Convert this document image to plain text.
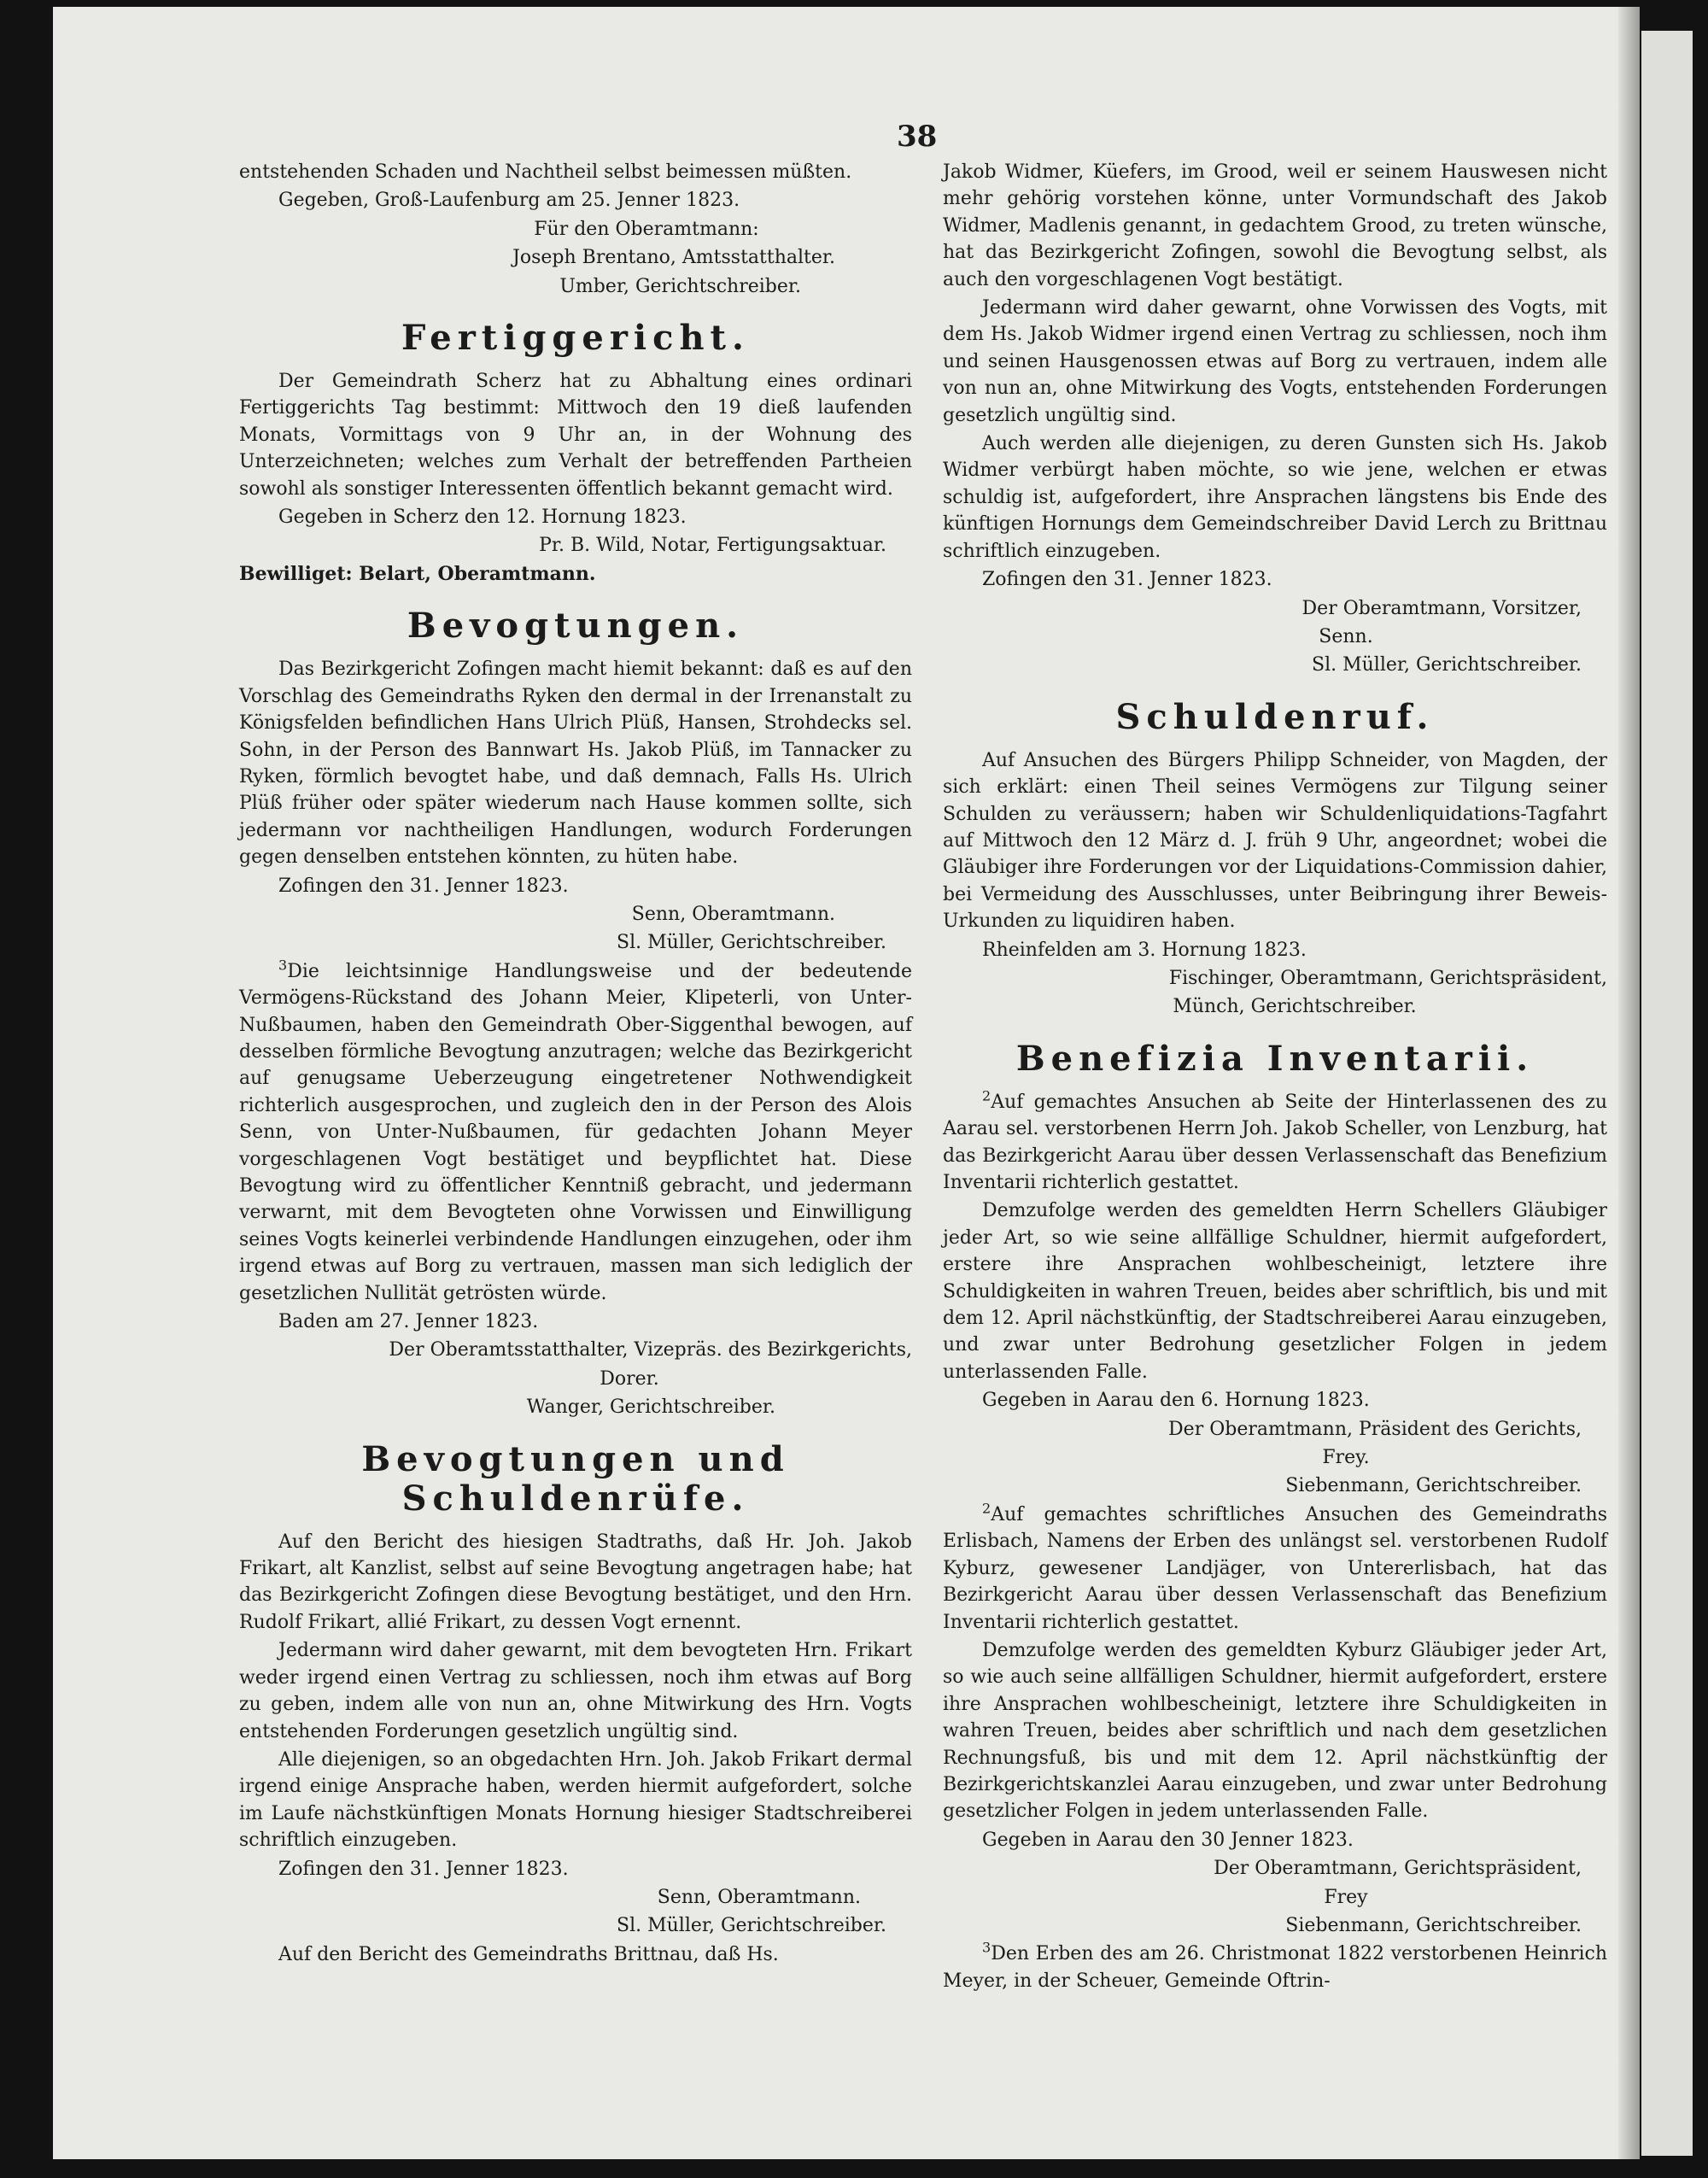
38

entstehenden Schaden und Nachtheil selbst beimessen müßten.

Gegeben, Groß-Laufenburg am 25. Jenner 1823.

Für den Oberamtmann:

Joseph Brentano, Amtsstatthalter.

Umber, Gerichtschreiber.

Fertiggericht.

Der Gemeindrath Scherz hat zu Abhaltung eines ordinari Fertiggerichts Tag bestimmt: Mittwoch den 19 dieß laufenden Monats, Vormittags von 9 Uhr an, in der Wohnung des Unterzeichneten; welches zum Verhalt der betreffenden Partheien sowohl als sonstiger Interessenten öffentlich bekannt gemacht wird.

Gegeben in Scherz den 12. Hornung 1823.

Pr. B. Wild, Notar, Fertigungsaktuar.

Bewilliget: Belart, Oberamtmann.

Bevogtungen.

Das Bezirkgericht Zofingen macht hiemit bekannt: daß es auf den Vorschlag des Gemeindraths Ryken den dermal in der Irrenanstalt zu Königsfelden befindlichen Hans Ulrich Plüß, Hansen, Strohdecks sel. Sohn, in der Person des Bannwart Hs. Jakob Plüß, im Tannacker zu Ryken, förmlich bevogtet habe, und daß demnach, Falls Hs. Ulrich Plüß früher oder später wiederum nach Hause kommen sollte, sich jedermann vor nachtheiligen Handlungen, wodurch Forderungen gegen denselben entstehen könnten, zu hüten habe.

Zofingen den 31. Jenner 1823.

Senn, Oberamtmann.

Sl. Müller, Gerichtschreiber.

$^3$Die leichtsinnige Handlungsweise und der bedeutende Vermögens-Rückstand des Johann Meier, Klipeterli, von Unter-Nußbaumen, haben den Gemeindrath Ober-Siggenthal bewogen, auf desselben förmliche Bevogtung anzutragen; welche das Bezirkgericht auf genugsame Ueberzeugung eingetretener Nothwendigkeit richterlich ausgesprochen, und zugleich den in der Person des Alois Senn, von Unter-Nußbaumen, für gedachten Johann Meyer vorgeschlagenen Vogt bestätiget und beypflichtet hat. Diese Bevogtung wird zu öffentlicher Kenntniß gebracht, und jedermann verwarnt, mit dem Bevogteten ohne Vorwissen und Einwilligung seines Vogts keinerlei verbindende Handlungen einzugehen, oder ihm irgend etwas auf Borg zu vertrauen, massen man sich lediglich der gesetzlichen Nullität getrösten würde.

Baden am 27. Jenner 1823.

Der Oberamtsstatthalter, Vizepräs. des Bezirkgerichts,

Dorer.

Wanger, Gerichtschreiber.

Bevogtungen und Schuldenrüfe.

Auf den Bericht des hiesigen Stadtraths, daß Hr. Joh. Jakob Frikart, alt Kanzlist, selbst auf seine Bevogtung angetragen habe; hat das Bezirkgericht Zofingen diese Bevogtung bestätiget, und den Hrn. Rudolf Frikart, allié Frikart, zu dessen Vogt ernennt.

Jedermann wird daher gewarnt, mit dem bevogteten Hrn. Frikart weder irgend einen Vertrag zu schliessen, noch ihm etwas auf Borg zu geben, indem alle von nun an, ohne Mitwirkung des Hrn. Vogts entstehenden Forderungen gesetzlich ungültig sind.

Alle diejenigen, so an obgedachten Hrn. Joh. Jakob Frikart dermal irgend einige Ansprache haben, werden hiermit aufgefordert, solche im Laufe nächstkünftigen Monats Hornung hiesiger Stadtschreiberei schriftlich einzugeben.

Zofingen den 31. Jenner 1823.

Senn, Oberamtmann.

Sl. Müller, Gerichtschreiber.

Auf den Bericht des Gemeindraths Brittnau, daß Hs.

Jakob Widmer, Küefers, im Grood, weil er seinem Hauswesen nicht mehr gehörig vorstehen könne, unter Vormundschaft des Jakob Widmer, Madlenis genannt, in gedachtem Grood, zu treten wünsche, hat das Bezirkgericht Zofingen, sowohl die Bevogtung selbst, als auch den vorgeschlagenen Vogt bestätigt.

Jedermann wird daher gewarnt, ohne Vorwissen des Vogts, mit dem Hs. Jakob Widmer irgend einen Vertrag zu schliessen, noch ihm und seinen Hausgenossen etwas auf Borg zu vertrauen, indem alle von nun an, ohne Mitwirkung des Vogts, entstehenden Forderungen gesetzlich ungültig sind.

Auch werden alle diejenigen, zu deren Gunsten sich Hs. Jakob Widmer verbürgt haben möchte, so wie jene, welchen er etwas schuldig ist, aufgefordert, ihre Ansprachen längstens bis Ende des künftigen Hornungs dem Gemeindschreiber David Lerch zu Brittnau schriftlich einzugeben.

Zofingen den 31. Jenner 1823.

Der Oberamtmann, Vorsitzer,

Senn.

Sl. Müller, Gerichtschreiber.

Schuldenruf.

Auf Ansuchen des Bürgers Philipp Schneider, von Magden, der sich erklärt: einen Theil seines Vermögens zur Tilgung seiner Schulden zu veräussern; haben wir Schuldenliquidations-Tagfahrt auf Mittwoch den 12 März d. J. früh 9 Uhr, angeordnet; wobei die Gläubiger ihre Forderungen vor der Liquidations-Commission dahier, bei Vermeidung des Ausschlusses, unter Beibringung ihrer Beweis-Urkunden zu liquidiren haben.

Rheinfelden am 3. Hornung 1823.

Fischinger, Oberamtmann, Gerichtspräsident,

Münch, Gerichtschreiber.

Benefizia Inventarii.

$^2$Auf gemachtes Ansuchen ab Seite der Hinterlassenen des zu Aarau sel. verstorbenen Herrn Joh. Jakob Scheller, von Lenzburg, hat das Bezirkgericht Aarau über dessen Verlassenschaft das Benefizium Inventarii richterlich gestattet.

Demzufolge werden des gemeldten Herrn Schellers Gläubiger jeder Art, so wie seine allfällige Schuldner, hiermit aufgefordert, erstere ihre Ansprachen wohlbescheinigt, letztere ihre Schuldigkeiten in wahren Treuen, beides aber schriftlich, bis und mit dem 12. April nächstkünftig, der Stadtschreiberei Aarau einzugeben, und zwar unter Bedrohung gesetzlicher Folgen in jedem unterlassenden Falle.

Gegeben in Aarau den 6. Hornung 1823.

Der Oberamtmann, Präsident des Gerichts,

Frey.

Siebenmann, Gerichtschreiber.

$^2$Auf gemachtes schriftliches Ansuchen des Gemeindraths Erlisbach, Namens der Erben des unlängst sel. verstorbenen Rudolf Kyburz, gewesener Landjäger, von Untererlisbach, hat das Bezirkgericht Aarau über dessen Verlassenschaft das Benefizium Inventarii richterlich gestattet.

Demzufolge werden des gemeldten Kyburz Gläubiger jeder Art, so wie auch seine allfälligen Schuldner, hiermit aufgefordert, erstere ihre Ansprachen wohlbescheinigt, letztere ihre Schuldigkeiten in wahren Treuen, beides aber schriftlich und nach dem gesetzlichen Rechnungsfuß, bis und mit dem 12. April nächstkünftig der Bezirkgerichtskanzlei Aarau einzugeben, und zwar unter Bedrohung gesetzlicher Folgen in jedem unterlassenden Falle.

Gegeben in Aarau den 30 Jenner 1823.

Der Oberamtmann, Gerichtspräsident,

Frey

Siebenmann, Gerichtschreiber.

$^3$Den Erben des am 26. Christmonat 1822 verstorbenen Heinrich Meyer, in der Scheuer, Gemeinde Oftrin-
